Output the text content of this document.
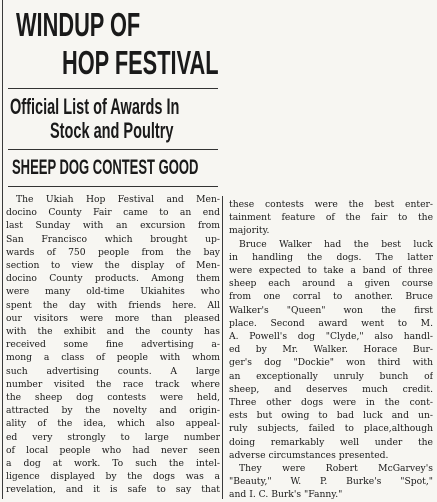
WINDUP OF
HOP FESTIVAL
Official List of Awards In
Stock and Poultry
SHEEP DOG CONTEST GOOD

The Ukiah Hop Festival and Men-

docino County Fair came to an end

last Sunday with an excursion from

San Francisco which brought up-

wards of 750 people from the bay

section to view the display of Men-

docino County products. Among them

were many old-time Ukiahites who

spent the day with friends here. All

our visitors were more than pleased

with the exhibit and the county has

received some fine advertising a-

mong a class of people with whom

such advertising counts. A large

number visited the race track where

the sheep dog contests were held,

attracted by the novelty and origin-

ality of the idea, which also appeal-

ed very strongly to large number

of local people who had never seen

a dog at work. To such the intel-

ligence displayed by the dogs was a

revelation, and it is safe to say that

these contests were the best enter-

tainment feature of the fair to the

majority.

Bruce Walker had the best luck

in handling the dogs. The latter

were expected to take a band of three

sheep each around a given course

from one corral to another. Bruce

Walker's "Queen" won the first

place. Second award went to M.

A. Powell's dog "Clyde," also handl-

ed by Mr. Walker. Horace Bur-

ger's dog "Dockie" won third with

an exceptionally unruly bunch of

sheep, and deserves much credit.

Three other dogs were in the cont-

ests but owing to bad luck and un-

ruly subjects, failed to place,although

doing remarkably well under the

adverse circumstances presented.

They were Robert McGarvey's

"Beauty," W. P. Burke's "Spot,"

and I. C. Burk's "Fanny."
